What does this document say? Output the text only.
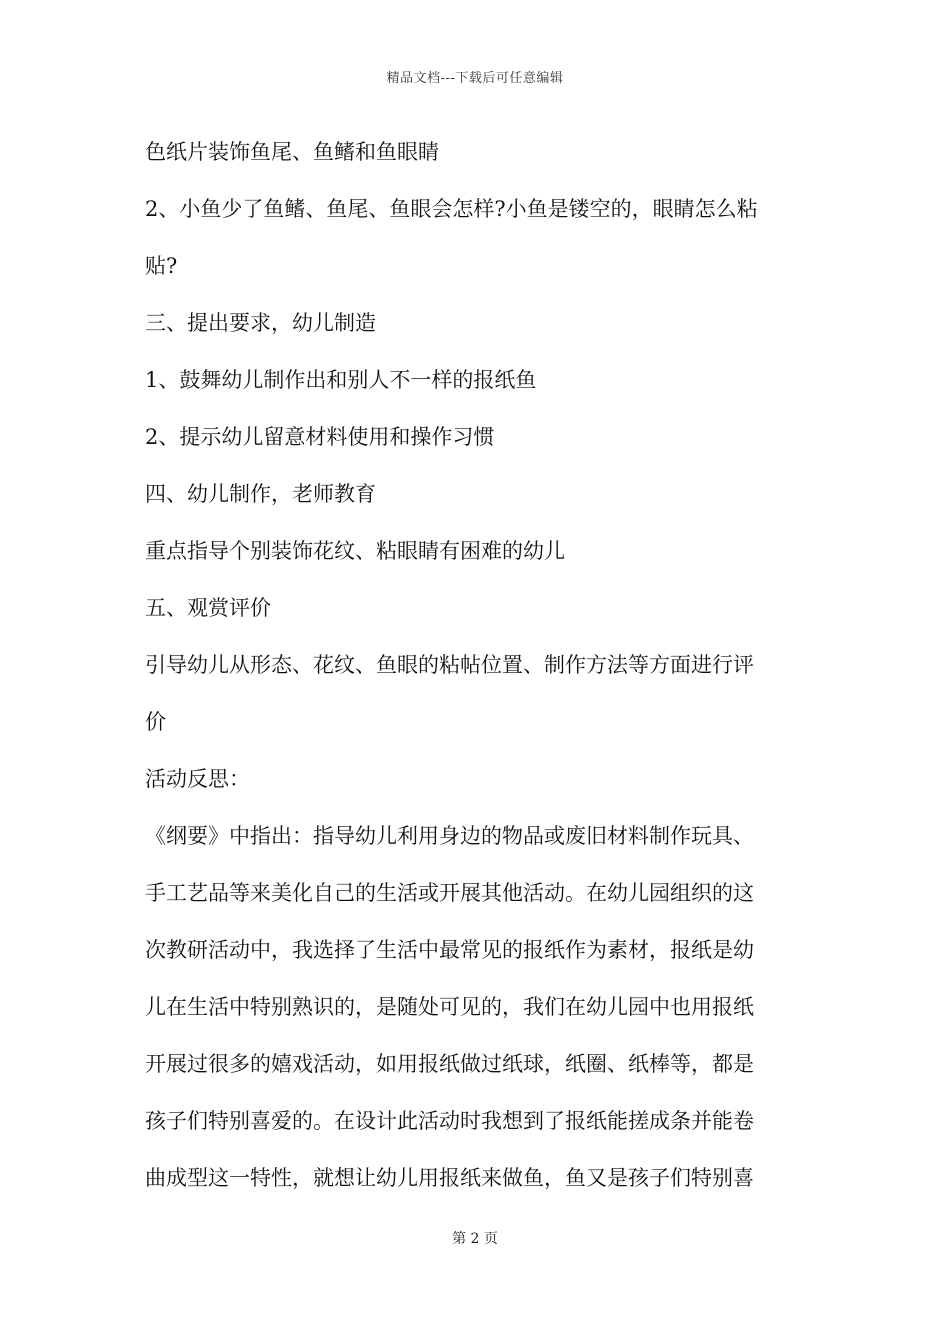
精品文档---下载后可任意编辑
色纸片装饰鱼尾、鱼鳍和鱼眼睛
2、小鱼少了鱼鳍、鱼尾、鱼眼会怎样?小鱼是镂空的，眼睛怎么粘
贴?
三、提出要求，幼儿制造
1、鼓舞幼儿制作出和别人不一样的报纸鱼
2、提示幼儿留意材料使用和操作习惯
四、幼儿制作，老师教育
重点指导个别装饰花纹、粘眼睛有困难的幼儿
五、观赏评价
引导幼儿从形态、花纹、鱼眼的粘帖位置、制作方法等方面进行评
价
活动反思：
《纲要》中指出：指导幼儿利用身边的物品或废旧材料制作玩具、
手工艺品等来美化自己的生活或开展其他活动。在幼儿园组织的这
次教研活动中，我选择了生活中最常见的报纸作为素材，报纸是幼
儿在生活中特别熟识的，是随处可见的，我们在幼儿园中也用报纸
开展过很多的嬉戏活动，如用报纸做过纸球，纸圈、纸棒等，都是
孩子们特别喜爱的。在设计此活动时我想到了报纸能搓成条并能卷
曲成型这一特性，就想让幼儿用报纸来做鱼，鱼又是孩子们特别喜
第 2 页
